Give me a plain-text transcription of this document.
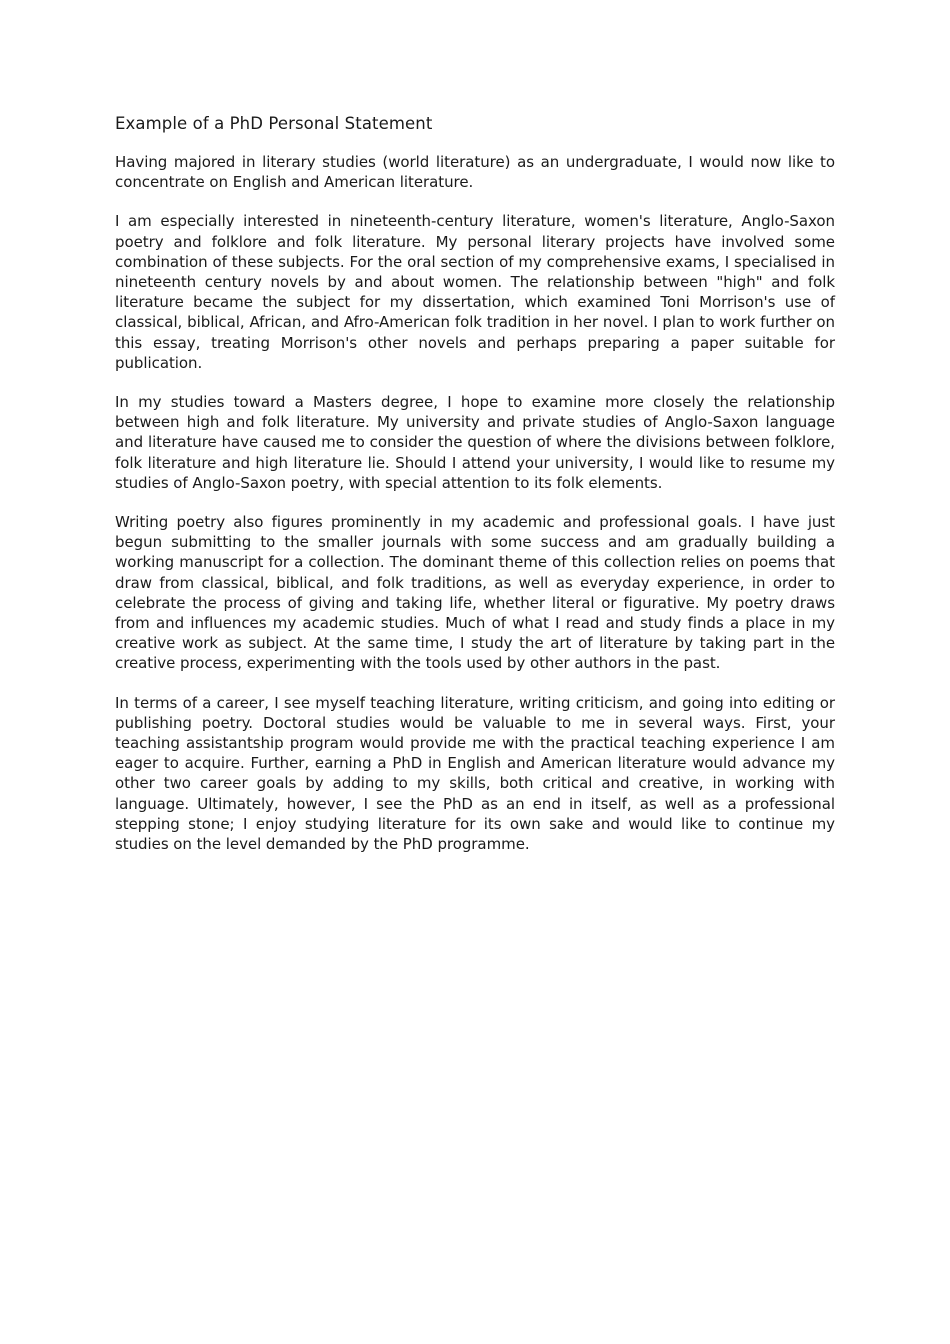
Example of a PhD Personal Statement

Having majored in literary studies (world literature) as an undergraduate, I would now like to concentrate on English and American literature.

I am especially interested in nineteenth-century literature, women's literature, Anglo-Saxon poetry and folklore and folk literature. My personal literary projects have involved some combination of these subjects. For the oral section of my comprehensive exams, I specialised in nineteenth century novels by and about women. The relationship between "high" and folk literature became the subject for my dissertation, which examined Toni Morrison's use of classical, biblical, African, and Afro-American folk tradition in her novel. I plan to work further on this essay, treating Morrison's other novels and perhaps preparing a paper suitable for publication.

In my studies toward a Masters degree, I hope to examine more closely the relationship between high and folk literature. My university and private studies of Anglo-Saxon language and literature have caused me to consider the question of where the divisions between folklore, folk literature and high literature lie. Should I attend your university, I would like to resume my studies of Anglo-Saxon poetry, with special attention to its folk elements.

Writing poetry also figures prominently in my academic and professional goals. I have just begun submitting to the smaller journals with some success and am gradually building a working manuscript for a collection. The dominant theme of this collection relies on poems that draw from classical, biblical, and folk traditions, as well as everyday experience, in order to celebrate the process of giving and taking life, whether literal or figurative. My poetry draws from and influences my academic studies. Much of what I read and study finds a place in my creative work as subject. At the same time, I study the art of literature by taking part in the creative process, experimenting with the tools used by other authors in the past.

In terms of a career, I see myself teaching literature, writing criticism, and going into editing or publishing poetry. Doctoral studies would be valuable to me in several ways. First, your teaching assistantship program would provide me with the practical teaching experience I am eager to acquire. Further, earning a PhD in English and American literature would advance my other two career goals by adding to my skills, both critical and creative, in working with language. Ultimately, however, I see the PhD as an end in itself, as well as a professional stepping stone; I enjoy studying literature for its own sake and would like to continue my studies on the level demanded by the PhD programme.
